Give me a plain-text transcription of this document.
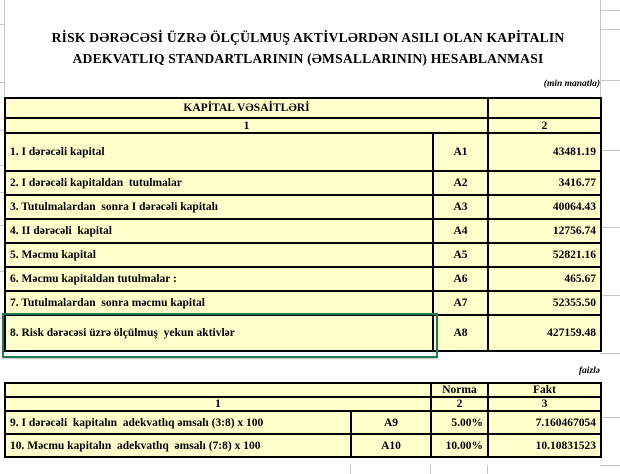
RİSK DƏRƏCƏSİ ÜZRƏ ÖLÇÜLMUŞ AKTİVLƏRDƏN ASILI OLAN KAPİTALIN
ADEKVATLIQ STANDARTLARININ (ƏMSALLARININ) HESABLANMASI
(min manatla)
KAPİTAL VƏSAİTLƏRİ		
1		2
1. I dərəcəli kapital	A1	43481.19
2. I dərəcəli kapitaldan  tutulmalar	A2	3416.77
3. Tutulmalardan  sonra I dərəcəli kapitalı	A3	40064.43
4. II dərəcəli  kapital	A4	12756.74
5. Məcmu kapital	A5	52821.16
6. Məcmu kapitaldan tutulmalar :	A6	465.67
7. Tutulmalardan  sonra məcmu kapital	A7	52355.50
8. Risk dərəcəsi üzrə ölçülmuş  yekun aktivlər	A8	427159.48
faizlə
		Norma	Fakt
1		2	3
9. I dərəcəli  kapitalın  adekvatlıq əmsalı (3:8) x 100	A9	5.00%	7.160467054
10. Məcmu kapitalın  adekvatlıq  əmsalı (7:8) x 100	A10	10.00%	10.10831523
